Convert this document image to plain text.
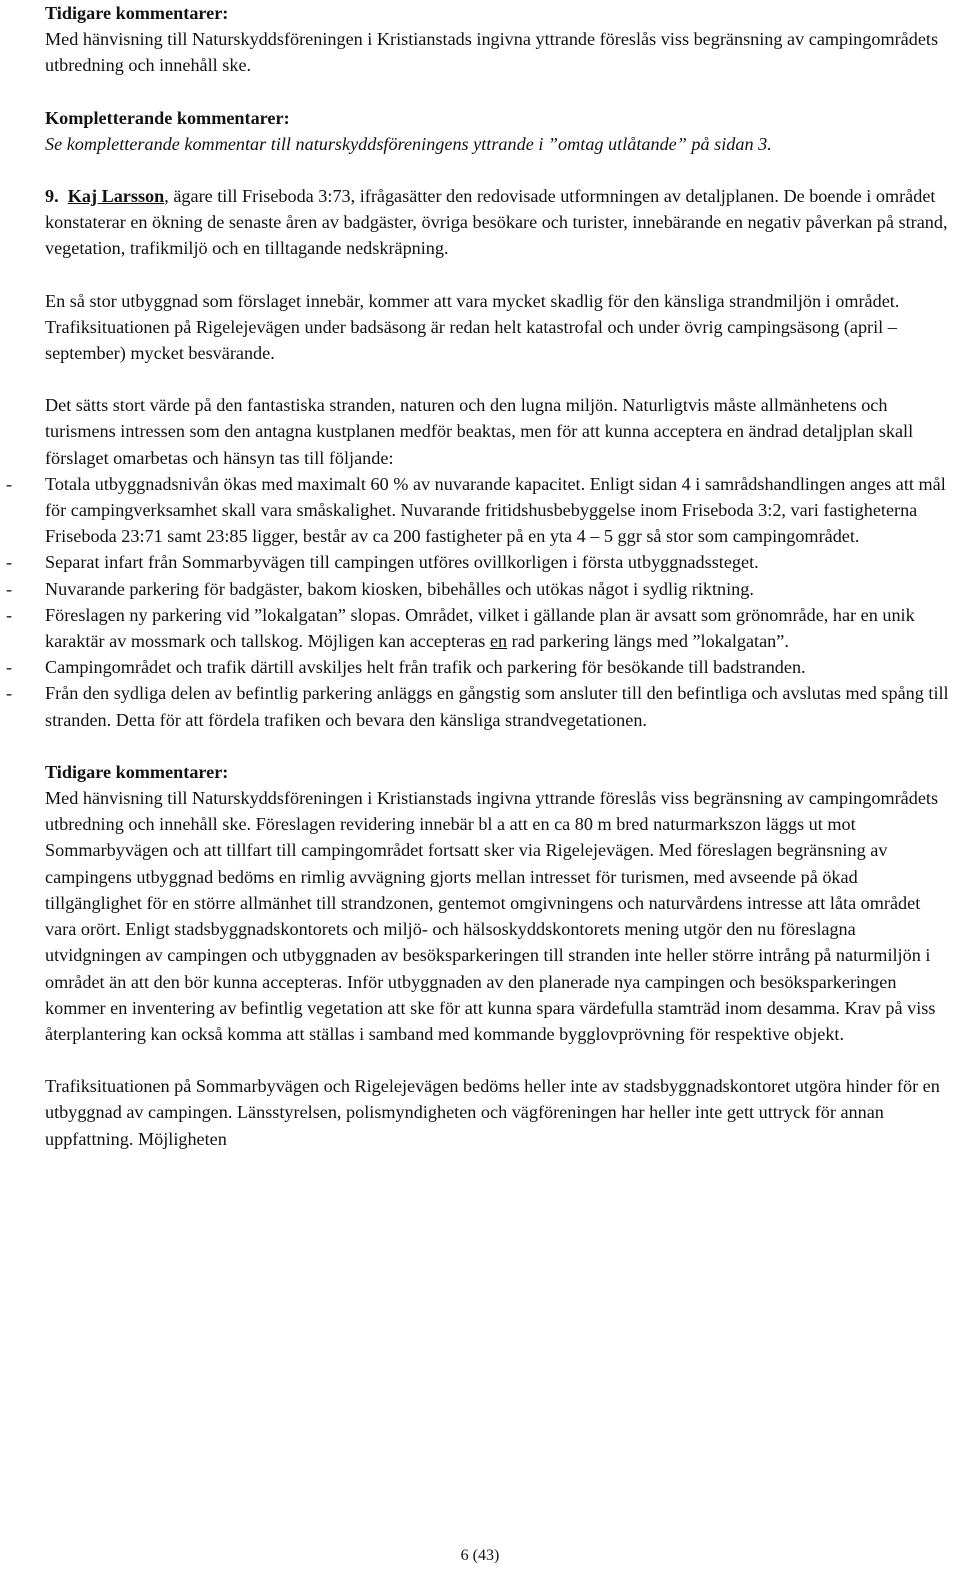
Tidigare kommentarer:
Med hänvisning till Naturskyddsföreningen i Kristianstads ingivna yttrande föreslås viss begränsning av campingområdets utbredning och innehåll ske.

Kompletterande kommentarer:
Se kompletterande kommentar till naturskyddsföreningens yttrande i ”omtag utlåtande” på sidan 3.

9. Kaj Larsson, ägare till Friseboda 3:73, ifrågasätter den redovisade utformningen av detaljplanen. De boende i området konstaterar en ökning de senaste åren av badgäster, övriga besökare och turister, innebärande en negativ påverkan på strand, vegetation, trafikmiljö och en tilltagande nedskräpning.

En så stor utbyggnad som förslaget innebär, kommer att vara mycket skadlig för den känsliga strandmiljön i området. Trafiksituationen på Rigelejevägen under badsäsong är redan helt katastrofal och under övrig campingsäsong (april – september) mycket besvärande.

Det sätts stort värde på den fantastiska stranden, naturen och den lugna miljön. Naturligtvis måste allmänhetens och turismens intressen som den antagna kustplanen medför beaktas, men för att kunna acceptera en ändrad detaljplan skall förslaget omarbetas och hänsyn tas till följande:

- Totala utbyggnadsnivån ökas med maximalt 60 % av nuvarande kapacitet. Enligt sidan 4 i samrådshandlingen anges att mål för campingverksamhet skall vara småskalighet. Nuvarande fritidshusbebyggelse inom Friseboda 3:2, vari fastigheterna Friseboda 23:71 samt 23:85 ligger, består av ca 200 fastigheter på en yta 4 – 5 ggr så stor som campingområdet.

- Separat infart från Sommarbyvägen till campingen utföres ovillkorligen i första utbyggnadssteget.

- Nuvarande parkering för badgäster, bakom kiosken, bibehålles och utökas något i sydlig riktning.

- Föreslagen ny parkering vid ”lokalgatan” slopas. Området, vilket i gällande plan är avsatt som grönområde, har en unik karaktär av mossmark och tallskog. Möjligen kan accepteras en rad parkering längs med ”lokalgatan”.

- Campingområdet och trafik därtill avskiljes helt från trafik och parkering för besökande till badstranden.

- Från den sydliga delen av befintlig parkering anläggs en gångstig som ansluter till den befintliga och avslutas med spång till stranden. Detta för att fördela trafiken och bevara den känsliga strandvegetationen.

Tidigare kommentarer:
Med hänvisning till Naturskyddsföreningen i Kristianstads ingivna yttrande föreslås viss begränsning av campingområdets utbredning och innehåll ske. Föreslagen revidering innebär bl a att en ca 80 m bred naturmarkszon läggs ut mot Sommarbyvägen och att tillfart till campingområdet fortsatt sker via Rigelejevägen. Med föreslagen begränsning av campingens utbyggnad bedöms en rimlig avvägning gjorts mellan intresset för turismen, med avseende på ökad tillgänglighet för en större allmänhet till strandzonen, gentemot omgivningens och naturvårdens intresse att låta området vara orört. Enligt stadsbyggnadskontorets och miljö- och hälsoskyddskontorets mening utgör den nu föreslagna utvidgningen av campingen och utbyggnaden av besöksparkeringen till stranden inte heller större intrång på naturmiljön i området än att den bör kunna accepteras. Inför utbyggnaden av den planerade nya campingen och besöksparkeringen kommer en inventering av befintlig vegetation att ske för att kunna spara värdefulla stamträd inom desamma. Krav på viss återplantering kan också komma att ställas i samband med kommande bygglovprövning för respektive objekt.

Trafiksituationen på Sommarbyvägen och Rigelejevägen bedöms heller inte av stadsbyggnadskontoret utgöra hinder för en utbyggnad av campingen. Länsstyrelsen, polismyndigheten och vägföreningen har heller inte gett uttryck för annan uppfattning. Möjligheten

6 (43)
